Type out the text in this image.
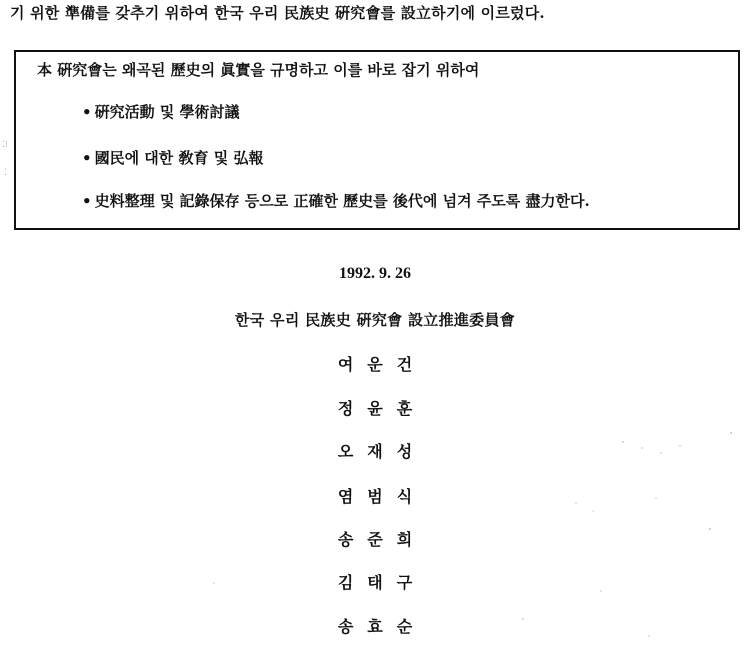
기 위한 準備를 갖추기 위하여 한국 우리 民族史 硏究會를 設立하기에 이르렀다.
本 硏究會는 왜곡된 歷史의 眞實을 규명하고 이를 바로 잡기 위하여
• 硏究活動 및 學術討議
• 國民에 대한 敎育 및 弘報
• 史料整理 및 記錄保存 등으로 正確한 歷史를 後代에 넘겨 주도록 盡力한다.
⁚⁝
⁚
1992. 9. 26
한국 우리 民族史 硏究會 設立推進委員會
여운건
정윤훈
오재성
염범식
송준희
김태구
송효순
